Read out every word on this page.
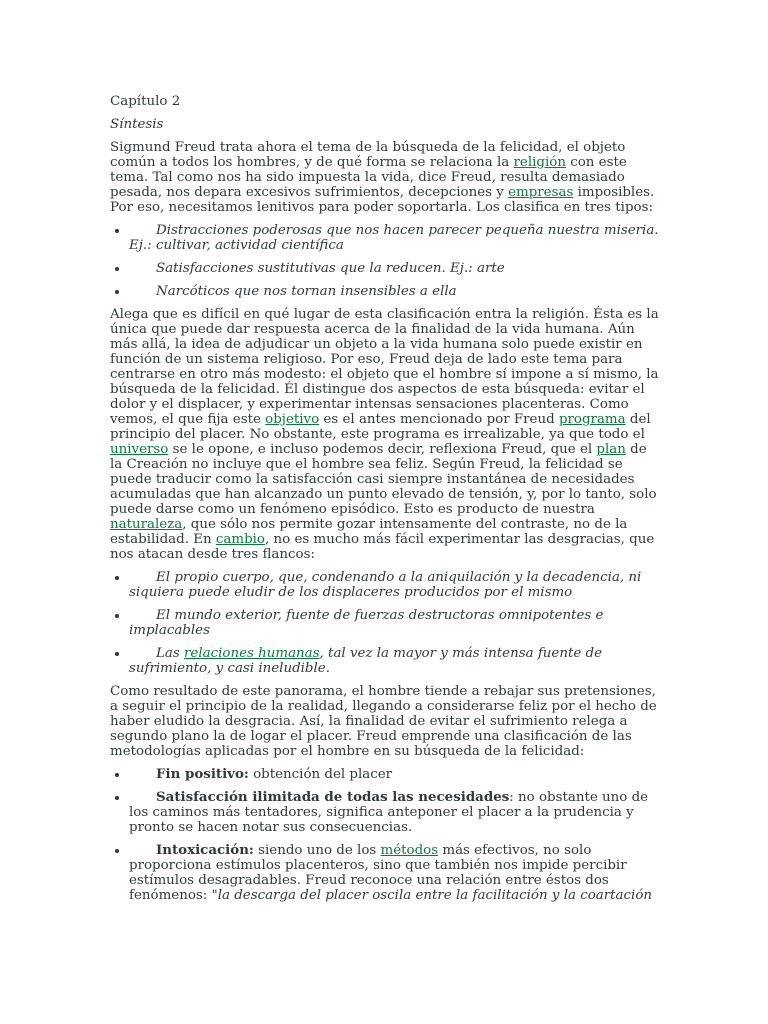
Capítulo 2

Síntesis

Sigmund Freud trata ahora el tema de la búsqueda de la felicidad, el objeto común a todos los hombres, y de qué forma se relaciona la religión con este tema. Tal como nos ha sido impuesta la vida, dice Freud, resulta demasiado pesada, nos depara excesivos sufrimientos, decepciones y empresas imposibles. Por eso, necesitamos lenitivos para poder soportarla. Los clasifica en tres tipos:

• Distracciones poderosas que nos hacen parecer pequeña nuestra miseria. Ej.: cultivar, actividad científica
• Satisfacciones sustitutivas que la reducen. Ej.: arte
• Narcóticos que nos tornan insensibles a ella

Alega que es difícil en qué lugar de esta clasificación entra la religión. Ésta es la única que puede dar respuesta acerca de la finalidad de la vida humana. Aún más allá, la idea de adjudicar un objeto a la vida humana solo puede existir en función de un sistema religioso. Por eso, Freud deja de lado este tema para centrarse en otro más modesto: el objeto que el hombre sí impone a sí mismo, la búsqueda de la felicidad. Él distingue dos aspectos de esta búsqueda: evitar el dolor y el displacer, y experimentar intensas sensaciones placenteras. Como vemos, el que fija este objetivo es el antes mencionado por Freud programa del principio del placer. No obstante, este programa es irrealizable, ya que todo el universo se le opone, e incluso podemos decir, reflexiona Freud, que el plan de la Creación no incluye que el hombre sea feliz. Según Freud, la felicidad se puede traducir como la satisfacción casi siempre instantánea de necesidades acumuladas que han alcanzado un punto elevado de tensión, y, por lo tanto, solo puede darse como un fenómeno episódico. Esto es producto de nuestra naturaleza, que sólo nos permite gozar intensamente del contraste, no de la estabilidad. En cambio, no es mucho más fácil experimentar las desgracias, que nos atacan desde tres flancos:

• El propio cuerpo, que, condenando a la aniquilación y la decadencia, ni siquiera puede eludir de los displaceres producidos por el mismo
• El mundo exterior, fuente de fuerzas destructoras omnipotentes e implacables
• Las relaciones humanas, tal vez la mayor y más intensa fuente de sufrimiento, y casi ineludible.

Como resultado de este panorama, el hombre tiende a rebajar sus pretensiones, a seguir el principio de la realidad, llegando a considerarse feliz por el hecho de haber eludido la desgracia. Así, la finalidad de evitar el sufrimiento relega a segundo plano la de logar el placer. Freud emprende una clasificación de las metodologías aplicadas por el hombre en su búsqueda de la felicidad:

• Fin positivo: obtención del placer
• Satisfacción ilimitada de todas las necesidades: no obstante uno de los caminos más tentadores, significa anteponer el placer a la prudencia y pronto se hacen notar sus consecuencias.
• Intoxicación: siendo uno de los métodos más efectivos, no solo proporciona estímulos placenteros, sino que también nos impide percibir estímulos desagradables. Freud reconoce una relación entre éstos dos fenómenos: "la descarga del placer oscila entre la facilitación y la coartación
